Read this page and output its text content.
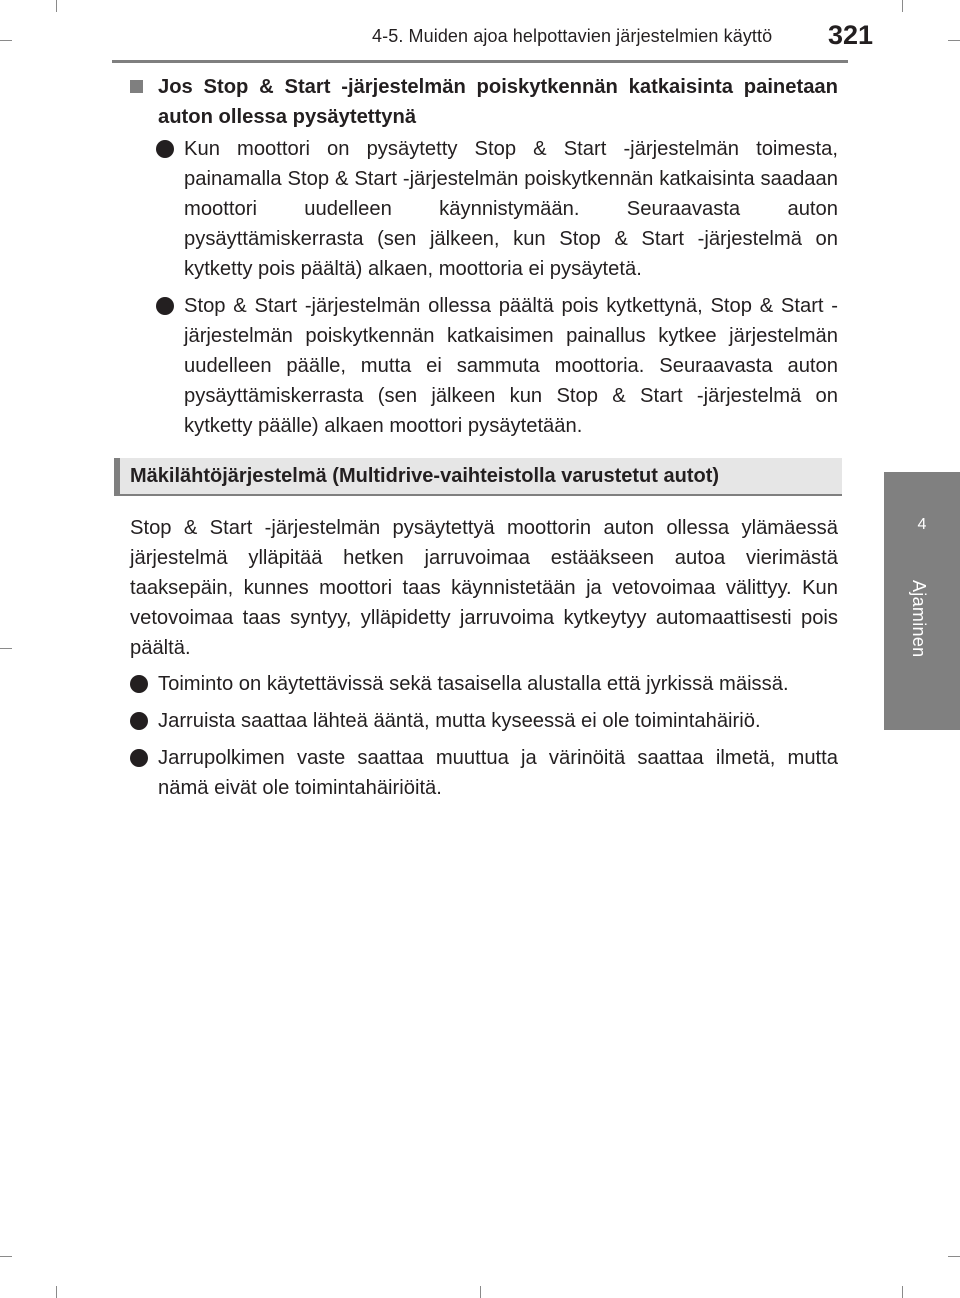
4-5. Muiden ajoa helpottavien järjestelmien käyttö 321
4
Ajaminen
Jos Stop & Start -järjestelmän poiskytkennän katkaisinta painetaan auton ollessa pysäytettynä
Kun moottori on pysäytetty Stop & Start -järjestelmän toimesta, painamalla Stop & Start -järjestelmän poiskytkennän katkaisinta saadaan moottori uudelleen käynnistymään. Seuraavasta auton pysäyttämiskerrasta (sen jälkeen, kun Stop & Start -järjestelmä on kytketty pois päältä) alkaen, moottoria ei pysäytetä.
Stop & Start -järjestelmän ollessa päältä pois kytkettynä, Stop & Start -järjestelmän poiskytkennän katkaisimen painallus kytkee järjestelmän uudelleen päälle, mutta ei sammuta moottoria. Seuraavasta auton pysäyttämiskerrasta (sen jälkeen kun Stop & Start -järjestelmä on kytketty päälle) alkaen moottori pysäytetään.
Mäkilähtöjärjestelmä (Multidrive-vaihteistolla varustetut autot)
Stop & Start -järjestelmän pysäytettyä moottorin auton ollessa ylämäessä järjestelmä ylläpitää hetken jarruvoimaa estääkseen autoa vierimästä taaksepäin, kunnes moottori taas käynnistetään ja vetovoimaa välittyy. Kun vetovoimaa taas syntyy, ylläpidetty jarruvoima kytkeytyy automaattisesti pois päältä.
Toiminto on käytettävissä sekä tasaisella alustalla että jyrkissä mäissä.
Jarruista saattaa lähteä ääntä, mutta kyseessä ei ole toimintahäiriö.
Jarrupolkimen vaste saattaa muuttua ja värinöitä saattaa ilmetä, mutta nämä eivät ole toimintahäiriöitä.
